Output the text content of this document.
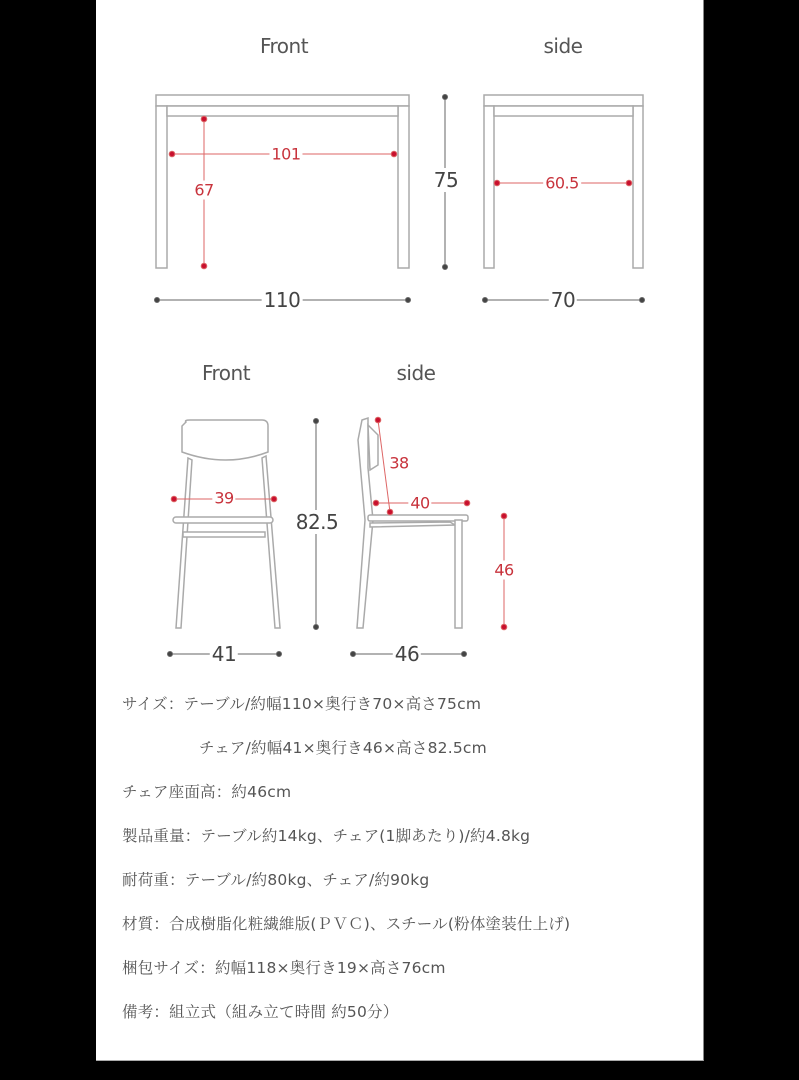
Front	side
Front	side
101
67
110
75	60.5
70
39
41
82.5
38
40
46
46
サイズ：テーブル/約幅110×奥行き70×高さ75cm
チェア/約幅41×奥行き46×高さ82.5cm
チェア座面高：約46cm
製品重量：テーブル約14kg、チェア(1脚あたり)/約4.8kg
耐荷重：テーブル/約80kg、チェア/約90kg
材質：合成樹脂化粧繊維版(ＰＶＣ)、スチール(粉体塗装仕上げ)
梱包サイズ：約幅118×奥行き19×高さ76cm
備考：組立式（組み立て時間 約50分）
